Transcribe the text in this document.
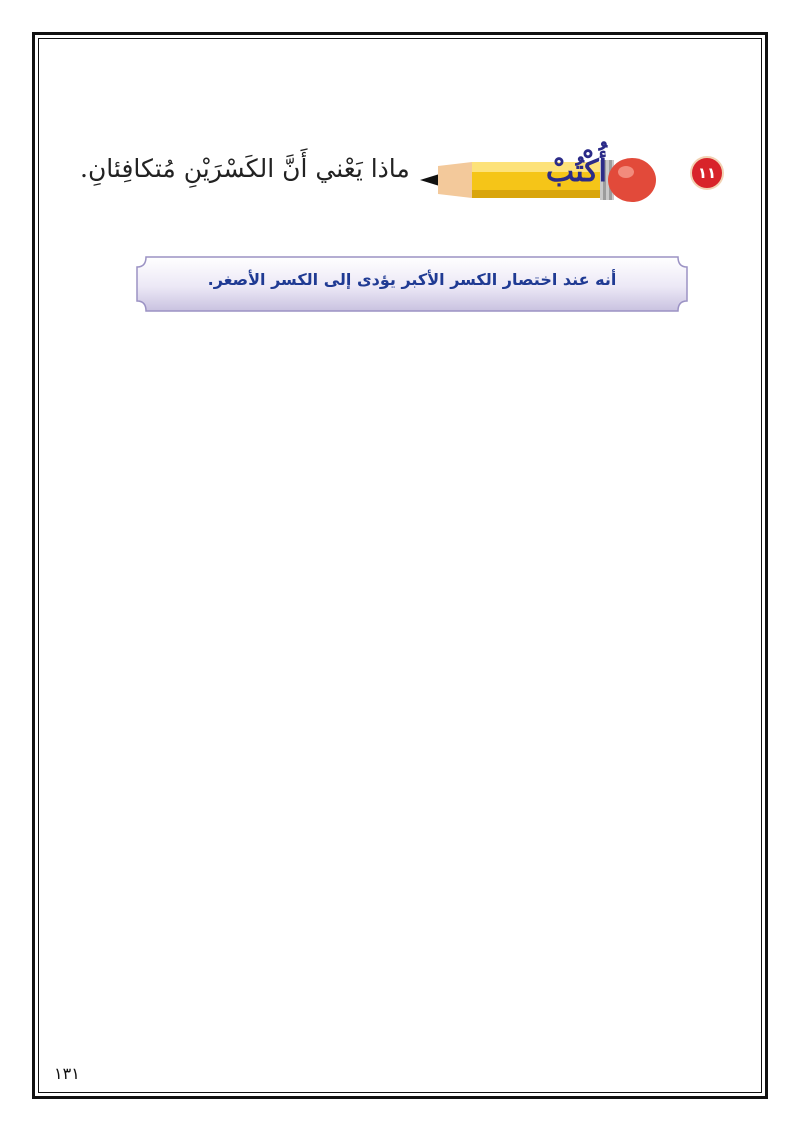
١١
أُكْتُبْ
ماذا يَعْني أَنَّ الكَسْرَيْنِ مُتكافِئانِ.
أنه عند اختصار الكسر الأكبر يؤدى إلى الكسر الأصغر.
١٣١
